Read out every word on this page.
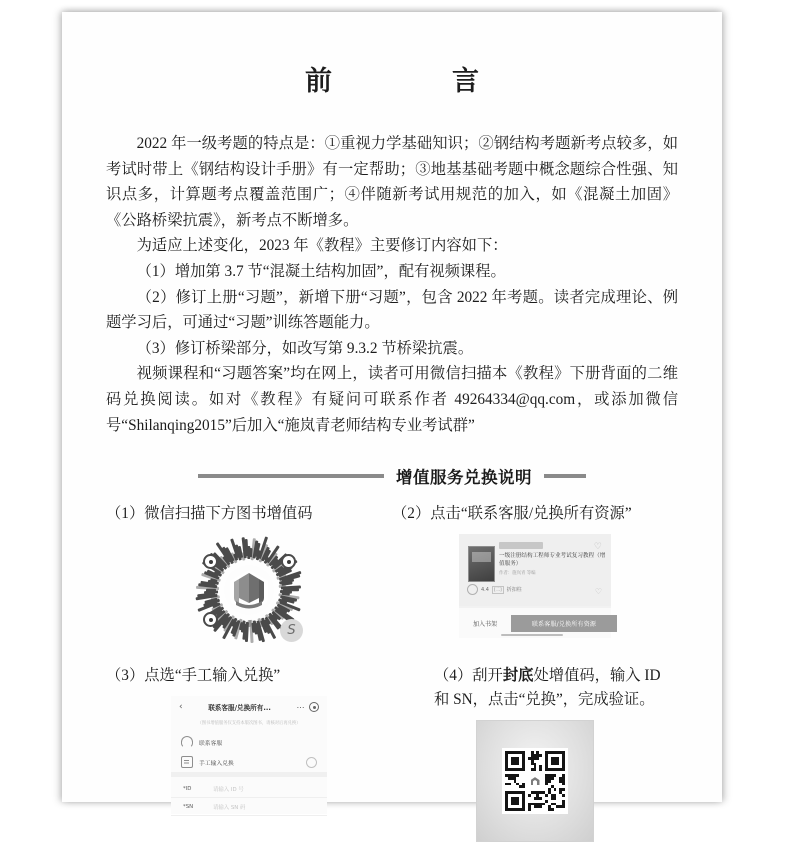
前　　言

2022 年一级考题的特点是：①重视力学基础知识；②钢结构考题新考点较多，如考试时带上《钢结构设计手册》有一定帮助；③地基基础考题中概念题综合性强、知识点多，计算题考点覆盖范围广；④伴随新考试用规范的加入，如《混凝土加固》《公路桥梁抗震》，新考点不断增多。

为适应上述变化，2023 年《教程》主要修订内容如下：

（1）增加第 3.7 节“混凝土结构加固”，配有视频课程。

（2）修订上册“习题”，新增下册“习题”，包含 2022 年考题。读者完成理论、例题学习后，可通过“习题”训练答题能力。

（3）修订桥梁部分，如改写第 9.3.2 节桥梁抗震。

视频课程和“习题答案”均在网上，读者可用微信扫描本《教程》下册背面的二维码兑换阅读。如对《教程》有疑问可联系作者 49264334@qq.com，或添加微信号“Shilanqing2015”后加入“施岚青老师结构专业考试群”

增值服务兑换说明
（1）微信扫描下方图书增值码
S
（2）点击“联系客服/兑换所有资源”
一级注册结构工程师专业考试复习教程（增值服务）
作者：施岚青 等编
♡
♡
4.4	[二]	折扣柱
加入书架	联系客服/兑换所有资源
（3）点选“手工输入兑换”
‹	联系客服/兑换所有...	⋯
（图书增值服务仅支持本版次图书，请核对后再兑换）
联系客服
手工输入兑换
*ID	请输入 ID 号
*SN	请输入 SN 码
（4）刮开封底处增值码，输入 ID 和 SN，点击“兑换”，完成验证。
